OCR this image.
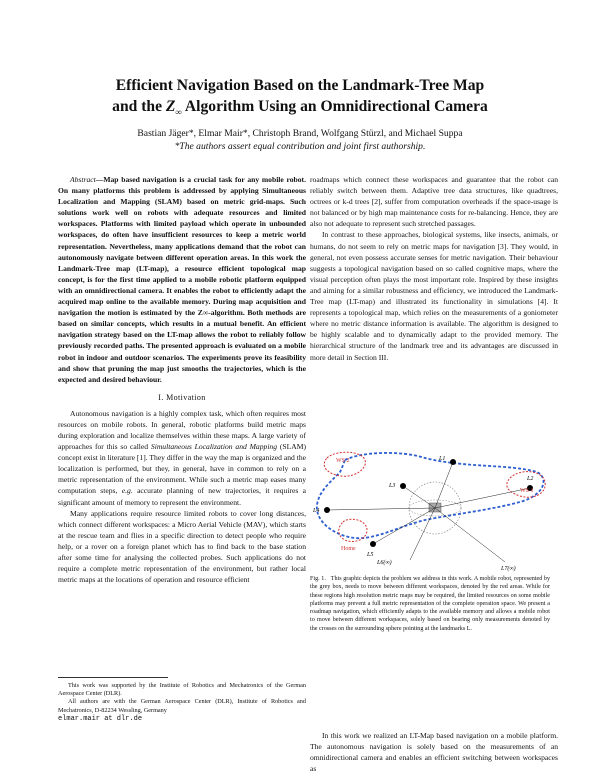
Efficient Navigation Based on the Landmark-Tree Map
and the $Z_\infty$ Algorithm Using an Omnidirectional Camera
Bastian Jäger*, Elmar Mair*, Christoph Brand, Wolfgang Stürzl, and Michael Suppa
*The authors assert equal contribution and joint first authorship.

Abstract—Map based navigation is a crucial task for any mobile robot. On many platforms this problem is addressed by applying Simultaneous Localization and Mapping (SLAM) based on metric grid-maps. Such solutions work well on robots with adequate resources and limited workspaces. Platforms with limited payload which operate in unbounded workspaces, do often have insufficient resources to keep a metric world representation. Nevertheless, many applications demand that the robot can autonomously navigate between different operation areas. In this work the Landmark-Tree map (LT-map), a resource efficient topological map concept, is for the first time applied to a mobile robotic platform equipped with an omnidirectional camera. It enables the robot to efficiently adapt the acquired map online to the available memory. During map acquisition and navigation the motion is estimated by the Z∞-algorithm. Both methods are based on similar concepts, which results in a mutual benefit. An efficient navigation strategy based on the LT-map allows the robot to reliably follow previously recorded paths. The presented approach is evaluated on a mobile robot in indoor and outdoor scenarios. The experiments prove its feasibility and show that pruning the map just smooths the trajectories, which is the expected and desired behaviour.

I. Motivation

Autonomous navigation is a highly complex task, which often requires most resources on mobile robots. In general, robotic platforms build metric maps during exploration and localize themselves within these maps. A large variety of approaches for this so called Simultaneous Localization and Mapping (SLAM) concept exist in literature [1]. They differ in the way the map is organized and the localization is performed, but they, in general, have in common to rely on a metric representation of the environment. While such a metric map eases many computation steps, e.g. accurate planning of new trajectories, it requires a significant amount of memory to represent the environment.

Many applications require resource limited robots to cover long distances, which connect different workspaces: a Micro Aerial Vehicle (MAV), which starts at the rescue team and flies in a specific direction to detect people who require help, or a rover on a foreign planet which has to find back to the base station after some time for analysing the collected probes. Such applications do not require a complete metric representation of the environment, but rather local metric maps at the locations of operation and resource efficient

This work was supported by the Institute of Robotics and Mechatronics of the German Aerospace Center (DLR).

All authors are with the German Aerospace Center (DLR), Institute of Robotics and Mechatronics, D-82234 Wessling, Germany

elmar.mair at dlr.de

roadmaps which connect these workspaces and guarantee that the robot can reliably switch between them. Adaptive tree data structures, like quadtrees, octrees or k-d trees [2], suffer from computation overheads if the space-usage is not balanced or by high map maintenance costs for re-balancing. Hence, they are also not adequate to represent such stretched passages.

In contrast to these approaches, biological systems, like insects, animals, or humans, do not seem to rely on metric maps for navigation [3]. They would, in general, not even possess accurate senses for metric navigation. Their behaviour suggests a topological navigation based on so called cognitive maps, where the visual perception often plays the most important role. Inspired by these insights and aiming for a similar robustness and efficiency, we introduced the Landmark-Tree map (LT-map) and illustrated its functionality in simulations [4]. It represents a topological map, which relies on the measurements of a goniometer where no metric distance information is available. The algorithm is designed to be highly scalable and to dynamically adapt to the provided memory. The hierarchical structure of the landmark tree and its advantages are discussed in more detail in Section III.

WS 2
WS 1
Home
L1
L2
L3
L4
L5
L6(∞)
L7(∞)
Fig. 1. This graphic depicts the problem we address in this work. A mobile robot, represented by the grey box, needs to move between different workspaces, denoted by the red areas. While for these regions high resolution metric maps may be required, the limited resources on some mobile platforms may prevent a full metric representation of the complete operation space. We present a roadmap navigation, which efficiently adapts to the available memory and allows a mobile robot to move between different workspaces, solely based on bearing only measurements denoted by the crosses on the surrounding sphere pointing at the landmarks L.

In this work we realized an LT-Map based navigation on a mobile platform. The autonomous navigation is solely based on the measurements of an omnidirectional camera and enables an efficient switching between workspaces as
